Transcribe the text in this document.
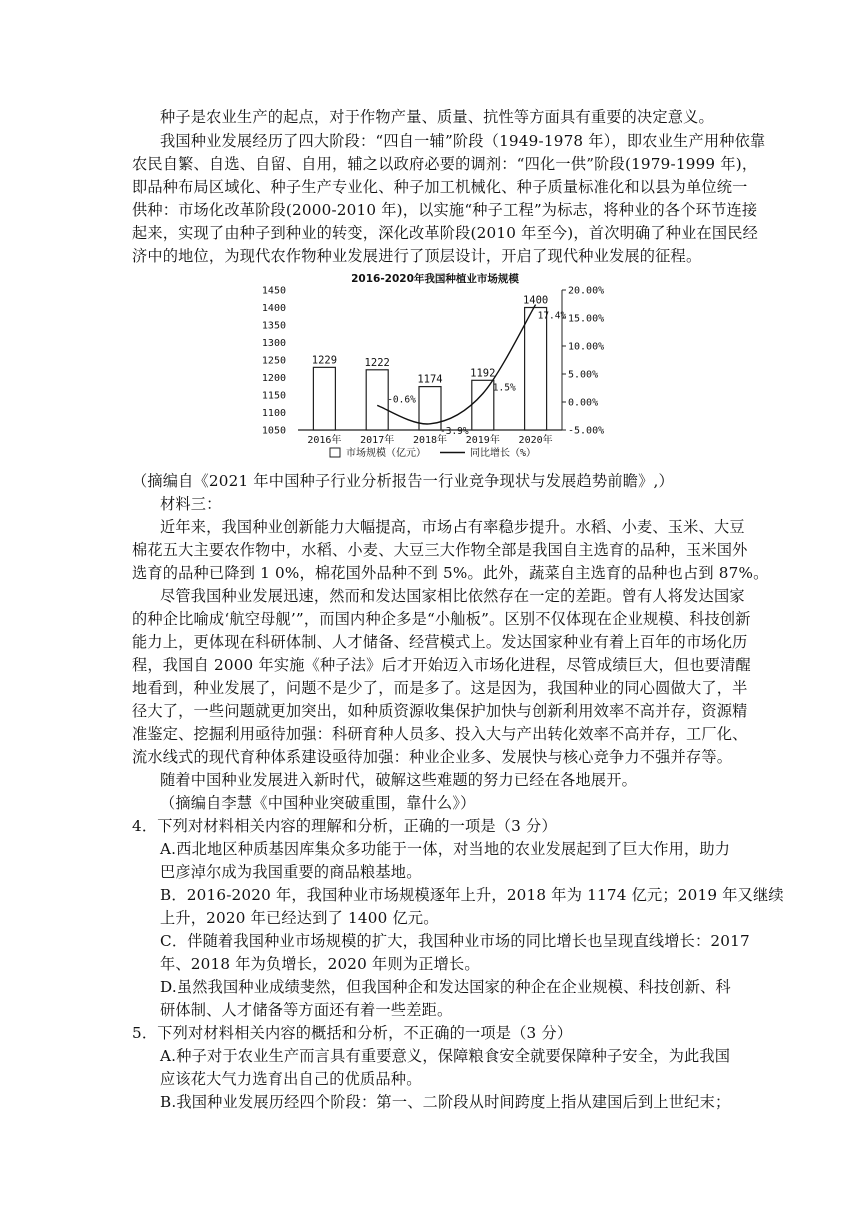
种子是农业生产的起点，对于作物产量、质量、抗性等方面具有重要的决定意义。
我国种业发展经历了四大阶段：“四自一辅”阶段（1949-1978 年），即农业生产用种依靠
农民自繁、自选、自留、自用，辅之以政府必要的调剂：“四化一供”阶段(1979-1999 年)，
即品种布局区域化、种子生产专业化、种子加工机械化、种子质量标准化和以县为单位统一
供种：市场化改革阶段(2000-2010 年)，以实施“种子工程”为标志，将种业的各个环节连接
起来，实现了由种子到种业的转变，深化改革阶段(2010 年至今)，首次明确了种业在国民经
济中的地位，为现代农作物种业发展进行了顶层设计，开启了现代种业发展的征程。
2016-2020年我国种植业市场规模
1450
1400
1350
1300
1250
1200
1150
1100
1050
20.00%
15.00%
10.00%
5.00%
0.00%
-5.00%
1229
2016年
1222
2017年
1174
2018年
1192
2019年
1400
2020年
-0.6%
-3.9%
1.5%
17.4%
市场规模（亿元）	同比增长（%）
（摘编自《2021 年中国种子行业分析报告一行业竞争现状与发展趋势前瞻》,）
材料三：
近年来，我国种业创新能力大幅提高，市场占有率稳步提升。水稻、小麦、玉米、大豆
棉花五大主要农作物中，水稻、小麦、大豆三大作物全部是我国自主选育的品种，玉米国外
选育的品种已降到 1 0%，棉花国外品种不到 5%。此外，蔬菜自主选育的品种也占到 87%。
尽管我国种业发展迅速，然而和发达国家相比依然存在一定的差距。曾有人将发达国家
的种企比喻成‘航空母舰’”，而国内种企多是“小舢板”。区别不仅体现在企业规模、科技创新
能力上，更体现在科研体制、人才储备、经营模式上。发达国家种业有着上百年的市场化历
程，我国自 2000 年实施《种子法》后才开始迈入市场化进程，尽管成绩巨大，但也要清醒
地看到，种业发展了，问题不是少了，而是多了。这是因为，我国种业的同心圆做大了，半
径大了，一些问题就更加突出，如种质资源收集保护加快与创新利用效率不高并存，资源精
准鉴定、挖掘利用亟待加强：科研育种人员多、投入大与产出转化效率不高并存，工厂化、
流水线式的现代育种体系建设亟待加强：种业企业多、发展快与核心竞争力不强并存等。
随着中国种业发展进入新时代，破解这些难题的努力已经在各地展开。
（摘编自李慧《中国种业突破重围，靠什么》）
4．下列对材料相关内容的理解和分析，正确的一项是（3 分）
A.西北地区种质基因库集众多功能于一体，对当地的农业发展起到了巨大作用，助力
巴彦淖尔成为我国重要的商品粮基地。
B．2016-2020 年，我国种业市场规模逐年上升，2018 年为 1174 亿元；2019 年又继续
上升，2020 年已经达到了 1400 亿元。
C．伴随着我国种业市场规模的扩大，我国种业市场的同比增长也呈现直线增长：2017
年、2018 年为负增长，2020 年则为正增长。
D.虽然我国种业成绩斐然，但我国种企和发达国家的种企在企业规模、科技创新、科
研体制、人才储备等方面还有着一些差距。
5．下列对材料相关内容的概括和分析，不正确的一项是（3 分）
A.种子对于农业生产而言具有重要意义，保障粮食安全就要保障种子安全，为此我国
应该花大气力选育出自己的优质品种。
B.我国种业发展历经四个阶段：第一、二阶段从时间跨度上指从建国后到上世纪末；
